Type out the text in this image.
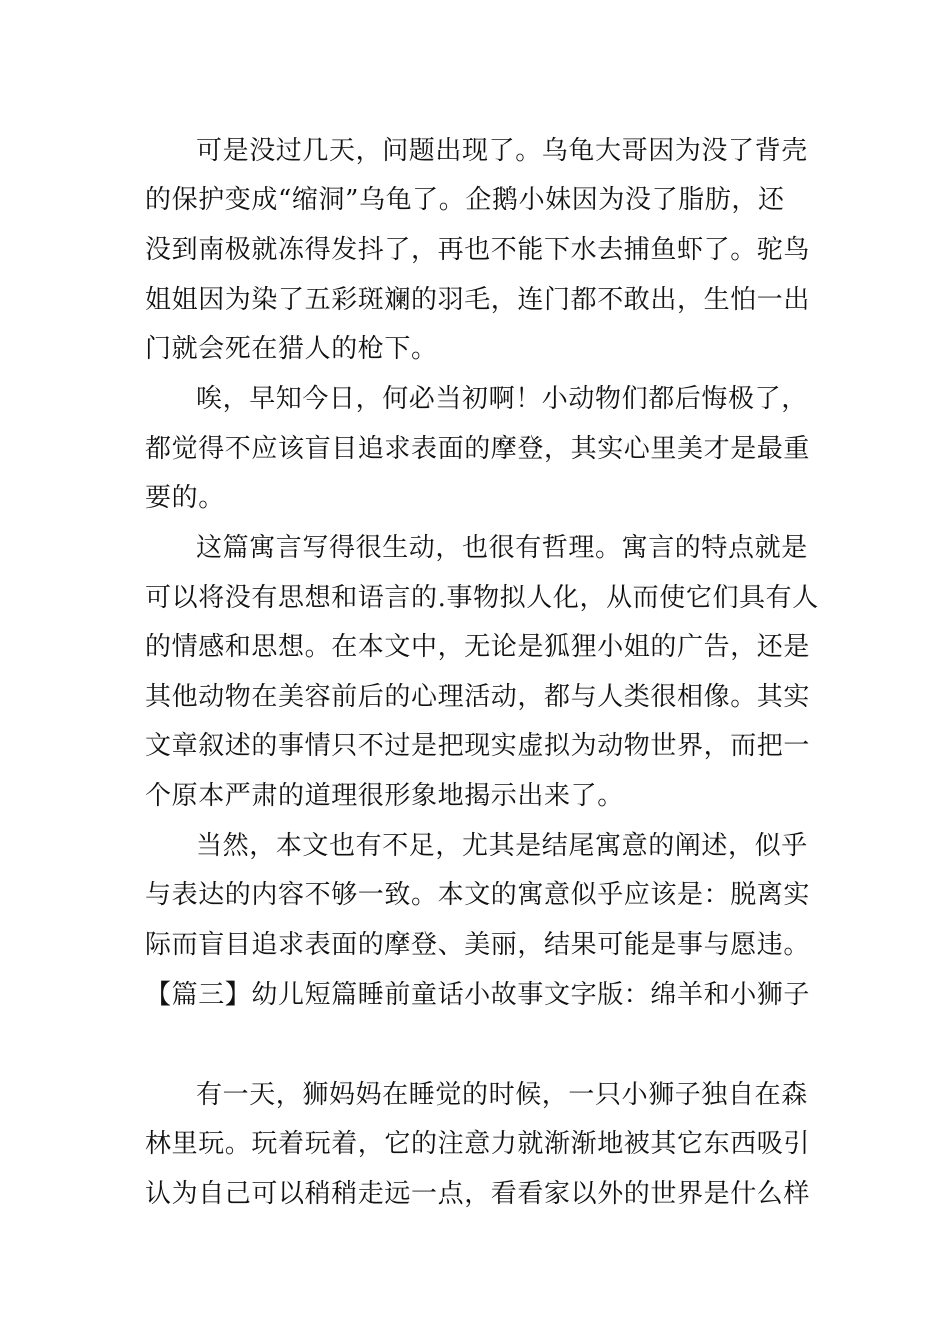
可是没过几天，问题出现了。乌龟大哥因为没了背壳
的保护变成“缩洞”乌龟了。企鹅小妹因为没了脂肪，还
没到南极就冻得发抖了，再也不能下水去捕鱼虾了。驼鸟
姐姐因为染了五彩斑斓的羽毛，连门都不敢出，生怕一出
门就会死在猎人的枪下。
唉，早知今日，何必当初啊！小动物们都后悔极了，
都觉得不应该盲目追求表面的摩登，其实心里美才是最重
要的。
这篇寓言写得很生动，也很有哲理。寓言的特点就是
可以将没有思想和语言的.事物拟人化，从而使它们具有人
的情感和思想。在本文中，无论是狐狸小姐的广告，还是
其他动物在美容前后的心理活动，都与人类很相像。其实
文章叙述的事情只不过是把现实虚拟为动物世界，而把一
个原本严肃的道理很形象地揭示出来了。
当然，本文也有不足，尤其是结尾寓意的阐述，似乎
与表达的内容不够一致。本文的寓意似乎应该是：脱离实
际而盲目追求表面的摩登、美丽，结果可能是事与愿违。
【篇三】幼儿短篇睡前童话小故事文字版：绵羊和小狮子
有一天，狮妈妈在睡觉的时候，一只小狮子独自在森
林里玩。玩着玩着，它的注意力就渐渐地被其它东西吸引
认为自己可以稍稍走远一点，看看家以外的世界是什么样
